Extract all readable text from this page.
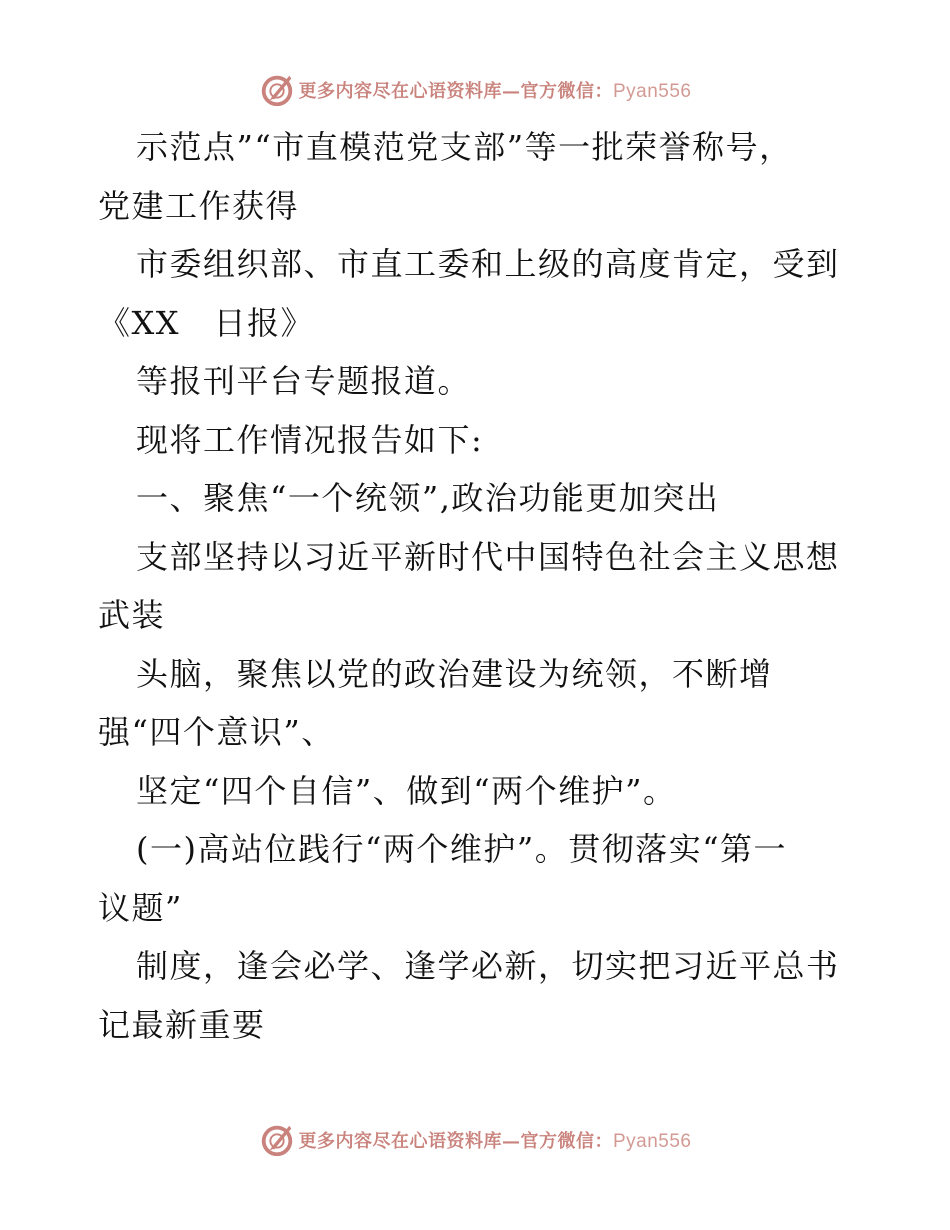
更多内容尽在心语资料库—官方微信：Pyan556
示范点”“市直模范党支部”等一批荣誉称号，
党建工作获得
市委组织部、市直工委和上级的高度肯定，受到
《XX　日报》
等报刊平台专题报道。
现将工作情况报告如下:
一、聚焦“一个统领”,政治功能更加突出
支部坚持以习近平新时代中国特色社会主义思想
武装
头脑，聚焦以党的政治建设为统领，不断增
强“四个意识”、
坚定“四个自信”、做到“两个维护”。
(一)高站位践行“两个维护”。贯彻落实“第一
议题”
制度，逢会必学、逢学必新，切实把习近平总书
记最新重要
更多内容尽在心语资料库—官方微信：Pyan556
